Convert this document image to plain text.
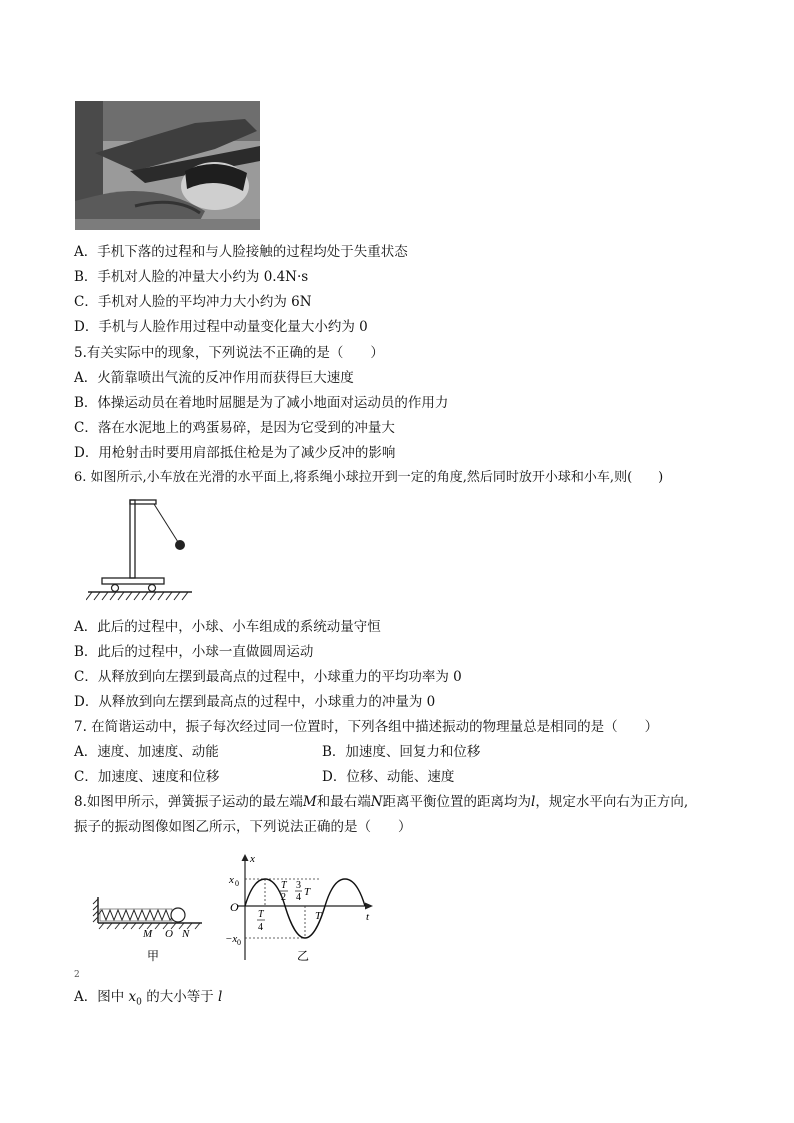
A．手机下落的过程和与人脸接触的过程均处于失重状态
B．手机对人脸的冲量大小约为 0.4N·s
C．手机对人脸的平均冲力大小约为 6N
D．手机与人脸作用过程中动量变化量大小约为 0
5.有关实际中的现象，下列说法不正确的是（　　）
A．火箭靠喷出气流的反冲作用而获得巨大速度
B．体操运动员在着地时屈腿是为了减小地面对运动员的作用力
C．落在水泥地上的鸡蛋易碎，是因为它受到的冲量大
D．用枪射击时要用肩部抵住枪是为了减少反冲的影响
6. 如图所示,小车放在光滑的水平面上,将系绳小球拉开到一定的角度,然后同时放开小球和小车,则(　　)
A．此后的过程中，小球、小车组成的系统动量守恒
B．此后的过程中，小球一直做圆周运动
C．从释放到向左摆到最高点的过程中，小球重力的平均功率为 0
D．从释放到向左摆到最高点的过程中，小球重力的冲量为 0
7. 在简谐运动中，振子每次经过同一位置时，下列各组中描述振动的物理量总是相同的是（　　）
A．速度、加速度、动能	B．加速度、回复力和位移
C．加速度、速度和位移	D．位移、动能、速度
8.如图甲所示，弹簧振子运动的最左端M和最右端N距离平衡位置的距离均为l，规定水平向右为正方向,
振子的振动图像如图乙所示，下列说法正确的是（　　）
M O N
甲
x
t
O
x 0
−x 0
T
2
3
4 T
T
4
T
乙
2
A．图中 $x_0$ 的大小等于 l
